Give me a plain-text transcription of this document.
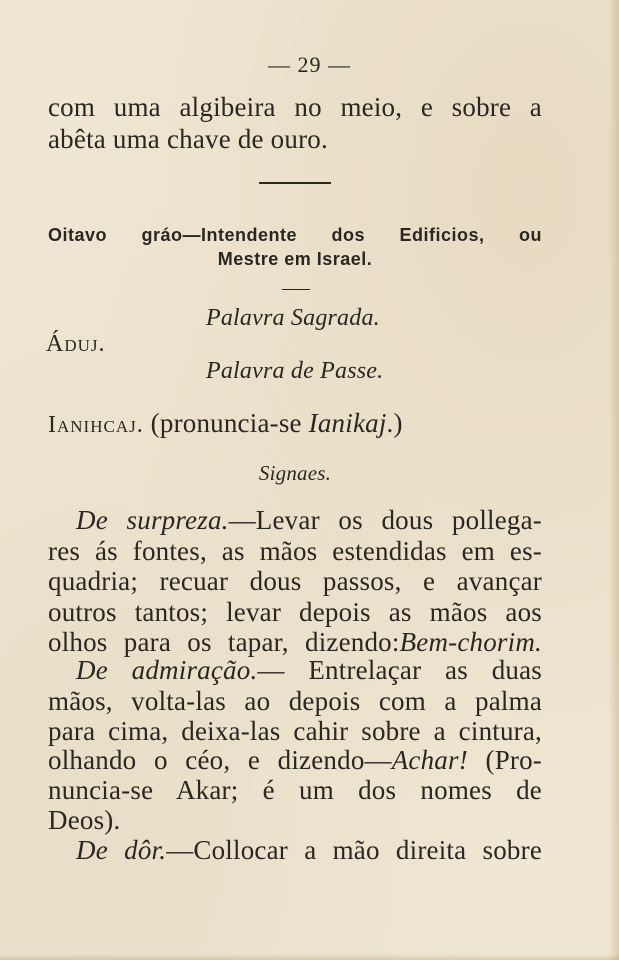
— 29 —
com uma algibeira no meio, e sobre a
abêta uma chave de ouro.
Oitavo gráo—Intendente dos Edificios, ou
Mestre em Israel.
Palavra Sagrada.
Áduj.
Palavra de Passe.
Ianihcaj. (pronuncia-se Ianikaj.)
Signaes.
De surpreza.—Levar os dous pollega-
res ás fontes, as mãos estendidas em es-
quadria; recuar dous passos, e avançar
outros tantos; levar depois as mãos aos
olhos para os tapar, dizendo:Bem-chorim.
De admiração.— Entrelaçar as duas
mãos, volta-las ao depois com a palma
para cima, deixa-las cahir sobre a cintura,
olhando o céo, e dizendo—Achar! (Pro-
nuncia-se Akar; é um dos nomes de
Deos).
De dôr.—Collocar a mão direita sobre
